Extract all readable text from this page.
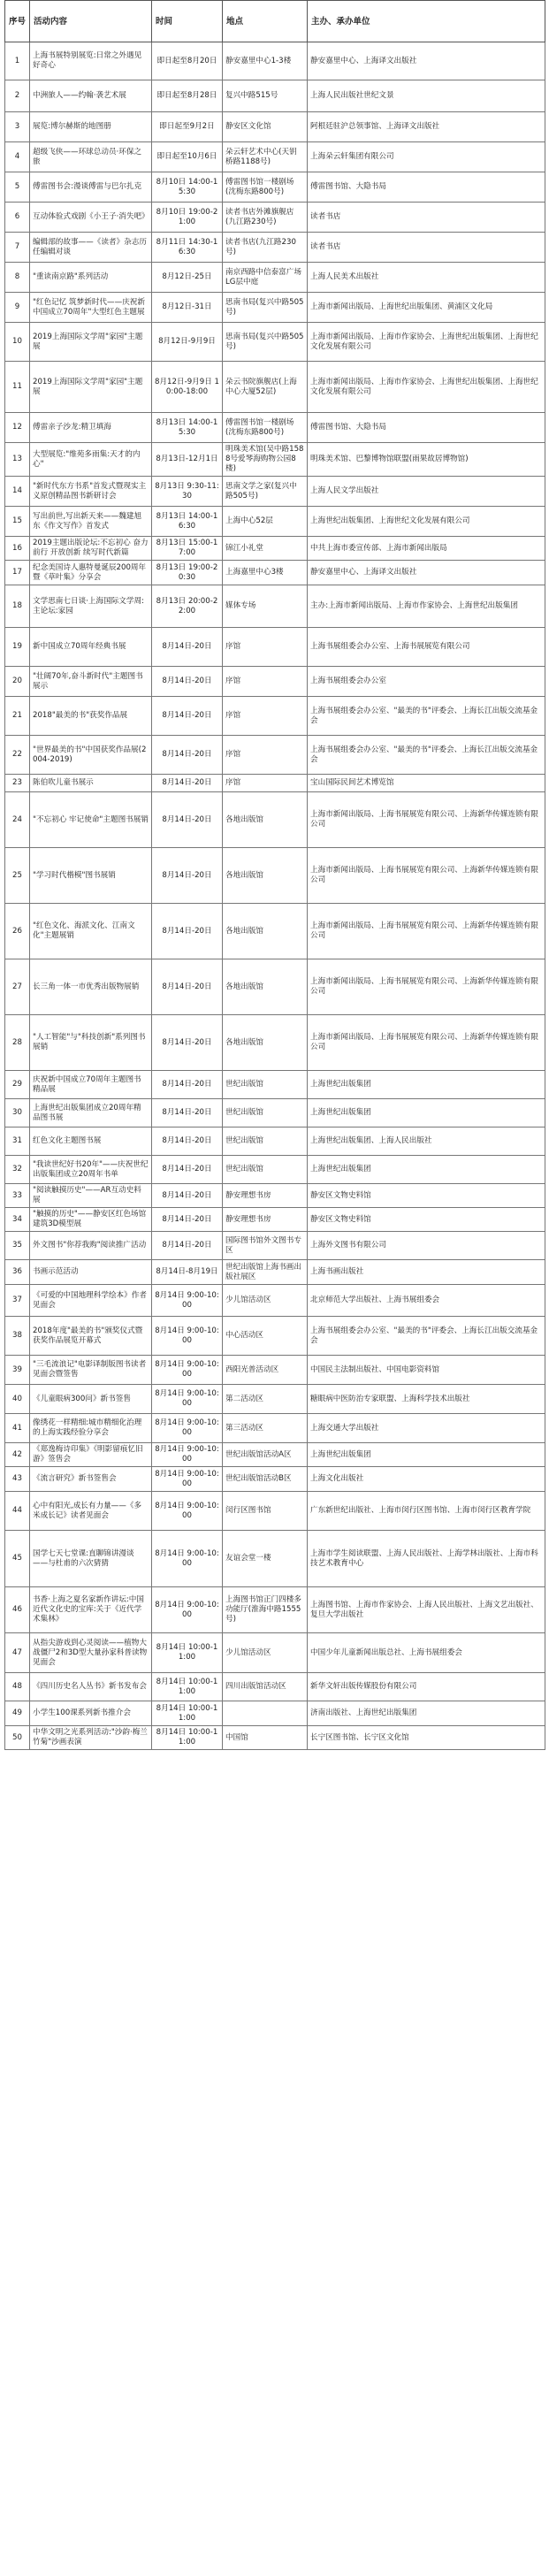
序号	活动内容	时间	地点	主办、承办单位
1	上海书展特别展览:日常之外遇见好奇心	即日起至8月20日	静安嘉里中心1-3楼	静安嘉里中心、上海译文出版社
2	中洲旅人——约翰·袭艺术展	即日起至8月28日	复兴中路515号	上海人民出版社世纪文景
3	展览:博尔赫斯的地图册	即日起至9月2日	静安区文化馆	阿根廷驻沪总领事馆、上海译文出版社
4	超级飞侠——环球总动员·环保之旅	即日起至10月6日	朵云轩艺术中心(天钥桥路1188号)	上海朵云轩集团有限公司
5	傅雷图书会:漫谈傅雷与巴尔扎克	8月10日 14:00-15:30	傅雷图书馆一楼剧场(沈梅东路800号)	傅雷图书馆、大隐书局
6	互动体验式戏剧《小王子·消失吧》	8月10日 19:00-21:00	读者书店外滩旗舰店(九江路230号)	读者书店
7	编辑部的故事——《读者》杂志历任编辑对谈	8月11日 14:30-16:30	读者书店(九江路230号)	读者书店
8	"重读南京路"系列活动	8月12日-25日	南京西路中信泰富广场LG层中庭	上海人民美术出版社
9	"红色记忆 筑梦新时代——庆祝新中国成立70周年"大型红色主题展	8月12日-31日	思南书局(复兴中路505号)	上海市新闻出版局、上海世纪出版集团、黄浦区文化局
10	2019上海国际文学周"家园"主题展	8月12日-9月9日	思南书局(复兴中路505号)	上海市新闻出版局、上海市作家协会、上海世纪出版集团、上海世纪文化发展有限公司
11	2019上海国际文学周"家园"主题展	8月12日-9月9日 10:00-18:00	朵云书院旗舰店(上海中心大厦52层)	上海市新闻出版局、上海市作家协会、上海世纪出版集团、上海世纪文化发展有限公司
12	傅雷亲子沙龙:精卫填海	8月13日 14:00-15:30	傅雷图书馆一楼剧场(沈梅东路800号)	傅雷图书馆、大隐书局
13	大型展览:"维苑多雨集:天才的内心"	8月13日-12月1日	明珠美术馆(吴中路1588号爱琴海购物公园8楼)	明珠美术馆、巴黎博物馆联盟(雨果故居博物馆)
14	"新时代东方书系"首发式暨现实主义原创精品图书新研讨会	8月13日 9:30-11:30	思南文学之家(复兴中路505号)	上海人民文学出版社
15	写出前世,写出新天来——魏建旭东《作文写作》首发式	8月13日 14:00-16:30	上海中心52层	上海世纪出版集团、上海世纪文化发展有限公司
16	2019主题出版论坛:不忘初心 奋力前行 开放创新 续写时代新篇	8月13日 15:00-17:00	锦江小礼堂	中共上海市委宣传部、上海市新闻出版局
17	纪念美国诗人惠特曼诞辰200周年暨《草叶集》分享会	8月13日 19:00-20:30	上海嘉里中心3楼	静安嘉里中心、上海译文出版社
18	文学思南七日谈·上海国际文学周:主论坛:家园	8月13日 20:00-22:00	媒体专场	主办:上海市新闻出版局、上海市作家协会、上海世纪出版集团
19	新中国成立70周年经典书展	8月14日-20日	序馆	上海书展组委会办公室、上海书展展览有限公司
20	"壮阔70年,奋斗新时代"主题图书展示	8月14日-20日	序馆	上海书展组委会办公室
21	2018"最美的书"获奖作品展	8月14日-20日	序馆	上海书展组委会办公室、"最美的书"评委会、上海长江出版交流基金会
22	"世界最美的书"中国获奖作品展(2004-2019)	8月14日-20日	序馆	上海书展组委会办公室、"最美的书"评委会、上海长江出版交流基金会
23	陈伯吹儿童书展示	8月14日-20日	序馆	宝山国际民间艺术博览馆
24	"不忘初心 牢记使命"主题图书展销	8月14日-20日	各地出版馆	上海市新闻出版局、上海书展展览有限公司、上海新华传媒连锁有限公司
25	"学习时代楷模"图书展销	8月14日-20日	各地出版馆	上海市新闻出版局、上海书展展览有限公司、上海新华传媒连锁有限公司
26	"红色文化、海派文化、江南文化"主题展销	8月14日-20日	各地出版馆	上海市新闻出版局、上海书展展览有限公司、上海新华传媒连锁有限公司
27	长三角一体一市优秀出版物展销	8月14日-20日	各地出版馆	上海市新闻出版局、上海书展展览有限公司、上海新华传媒连锁有限公司
28	"人工智能"与"科技创新"系列图书展销	8月14日-20日	各地出版馆	上海市新闻出版局、上海书展展览有限公司、上海新华传媒连锁有限公司
29	庆祝新中国成立70周年主题图书精品展	8月14日-20日	世纪出版馆	上海世纪出版集团
30	上海世纪出版集团成立20周年精品图书展	8月14日-20日	世纪出版馆	上海世纪出版集团
31	红色文化主题图书展	8月14日-20日	世纪出版馆	上海世纪出版集团、上海人民出版社
32	"我读世纪好书20年"——庆祝世纪出版集团成立20周年书单	8月14日-20日	世纪出版馆	上海世纪出版集团
33	"阅读触摸历史"——AR互动史料展	8月14日-20日	静安理想书房	静安区文物史料馆
34	"触摸的历史"——静安区红色场馆建筑3D模型展	8月14日-20日	静安理想书房	静安区文物史料馆
35	外文图书"你荐我购"阅读推广活动	8月14日-20日	国际图书馆外文图书专区	上海外文图书有限公司
36	书画示范活动	8月14日-8月19日	世纪出版馆上海书画出版社展区	上海书画出版社
37	《可爱的中国地理科学绘本》作者见面会	8月14日 9:00-10:00	少儿馆活动区	北京师范大学出版社、上海书展组委会
38	2018年度"最美的书"颁奖仪式暨获奖作品展览开幕式	8月14日 9:00-10:00	中心活动区	上海书展组委会办公室、"最美的书"评委会、上海长江出版交流基金会
39	"三毛流浪记"电影译制版图书读者见面会暨签售	8月14日 9:00-10:00	西阳光普活动区	中国民主法制出版社、中国电影资料馆
40	《儿童眼病300问》新书签售	8月14日 9:00-10:00	第二活动区	糖眼病中医防治专家联盟、上海科学技术出版社
41	像绣花一样精细:城市精细化治理的上海实践经验分享会	8月14日 9:00-10:00	第三活动区	上海交通大学出版社
42	《郑逸梅诗印集》《明影留痕忆旧游》签售会	8月14日 9:00-10:00	世纪出版馆活动A区	上海世纪出版集团
43	《流言研究》新书签售会	8月14日 9:00-10:00	世纪出版馆活动B区	上海文化出版社
44	心中有阳光,成长有力量——《多米成长记》读者见面会	8月14日 9:00-10:00	闵行区图书馆	广东新世纪出版社、上海市闵行区图书馆、上海市闵行区教育学院
45	国学七天七堂课:直聊锦讲漫谈——与杜甫的六次猜猜	8月14日 9:00-10:00	友谊会堂一楼	上海市学生阅读联盟、上海人民出版社、上海学林出版社、上海市科技艺术教育中心
46	书香·上海之夏名家新作讲坛:中国近代文化史的宝库:关于《近代学术集林》	8月14日 9:00-10:00	上海图书馆正门四楼多功能厅(淮海中路1555号)	上海图书馆、上海市作家协会、上海人民出版社、上海文艺出版社、复旦大学出版社
47	从指尖游戏到心灵阅读——植物大战僵尸2和3D型大量孙家科普读物见面会	8月14日 10:00-11:00	少儿馆活动区	中国少年儿童新闻出版总社、上海书展组委会
48	《四川历史名人丛书》新书发布会	8月14日 10:00-11:00	四川出版馆活动区	新华文轩出版传媒股份有限公司
49	小学生100课系列新书推介会	8月14日 10:00-11:00		济南出版社、上海世纪出版集团
50	中华文明之光系列活动:"沙韵·梅兰竹菊"沙画表演	8月14日 10:00-11:00	中国馆	长宁区图书馆、长宁区文化馆
